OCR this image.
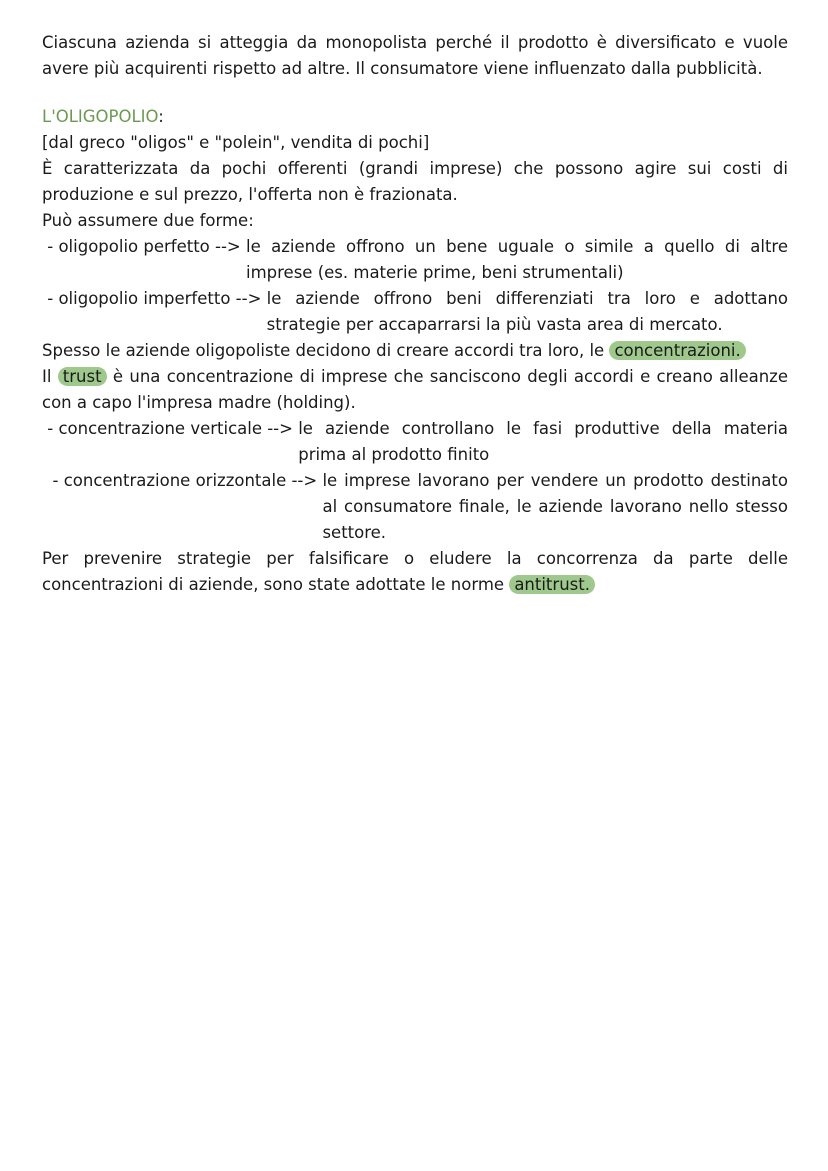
Ciascuna azienda si atteggia da monopolista perché il prodotto è diversificato e vuole avere più acquirenti rispetto ad altre. Il consumatore viene influenzato dalla pubblicità.

L'OLIGOPOLIO:

[dal greco "oligos" e "polein", vendita di pochi]

È caratterizzata da pochi offerenti (grandi imprese) che possono agire sui costi di produzione e sul prezzo, l'offerta non è frazionata.

Può assumere due forme:

- oligopolio perfetto --> le aziende offrono un bene uguale o simile a quello di altre imprese (es. materie prime, beni strumentali)
- oligopolio imperfetto --> le aziende offrono beni differenziati tra loro e adottano strategie per accaparrarsi la più vasta area di mercato.

Spesso le aziende oligopoliste decidono di creare accordi tra loro, le concentrazioni.

Il trust è una concentrazione di imprese che sanciscono degli accordi e creano alleanze con a capo l'impresa madre (holding).

- concentrazione verticale --> le aziende controllano le fasi produttive della materia prima al prodotto finito
- concentrazione orizzontale --> le imprese lavorano per vendere un prodotto destinato al consumatore finale, le aziende lavorano nello stesso settore.

Per prevenire strategie per falsificare o eludere la concorrenza da parte delle concentrazioni di aziende, sono state adottate le norme antitrust.
